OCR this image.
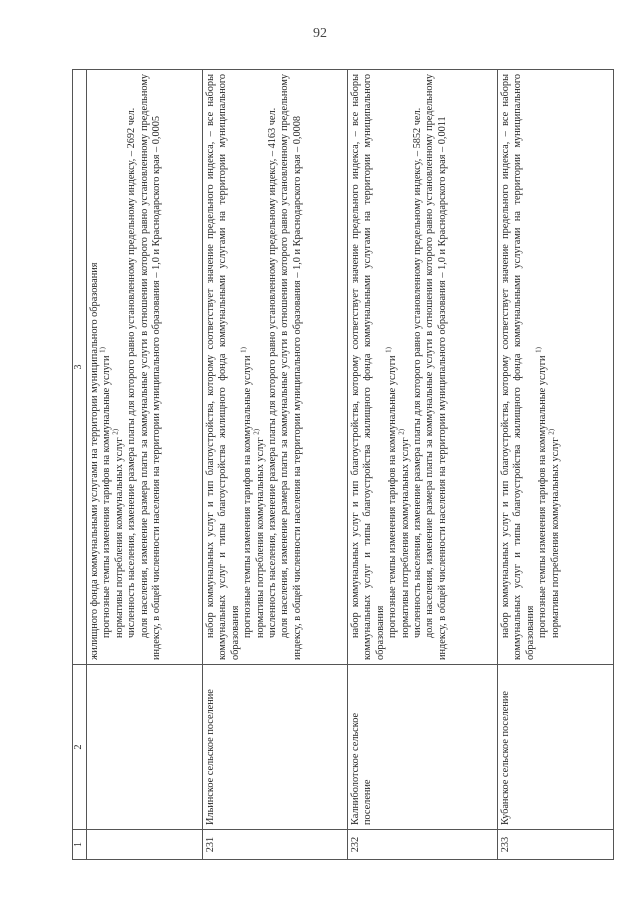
92
1	2	3

		жилищного фонда коммунальными услугами на территории муниципального образования прогнозные темпы изменения тарифов на коммунальные услуги $^{1)}$

нормативы потребления коммунальных услуг $^{2)}$ численность населения, изменение размера платы для которого равно установленному предельному индексу, – 2692 чел. доля населения, изменение размера платы за коммунальные услуги в отношении которого равно установленному предельному индексу, в общей численности населения на территории муниципального образования – 1,0 и Краснодарского края – 0,0005

231	Ильинское сельское поселение	набор коммунальных услуг и тип благоустройства, которому соответствует значение предельного индекса, – все наборы коммунальных услуг и типы благоустройства жилищного фонда коммунальными услугами на территории муниципального образования прогнозные темпы изменения тарифов на коммунальные услуги $^{1)}$

нормативы потребления коммунальных услуг $^{2)}$ численность населения, изменение размера платы для которого равно установленному предельному индексу, – 4163 чел. доля населения, изменение размера платы за коммунальные услуги в отношении которого равно установленному предельному индексу, в общей численности населения на территории муниципального образования – 1,0 и Краснодарского края – 0,0008

232	Калниболотское сельское поселение	набор коммунальных услуг и тип благоустройства, которому соответствует значение предельного индекса, – все наборы коммунальных услуг и типы благоустройства жилищного фонда коммунальными услугами на территории муниципального образования прогнозные темпы изменения тарифов на коммунальные услуги $^{1)}$

нормативы потребления коммунальных услуг $^{2)}$ численность населения, изменение размера платы для которого равно установленному предельному индексу, – 5852 чел. доля населения, изменение размера платы за коммунальные услуги в отношении которого равно установленному предельному индексу, в общей численности населения на территории муниципального образования – 1,0 и Краснодарского края – 0,0011

233	Кубанское сельское поселение	набор коммунальных услуг и тип благоустройства, которому соответствует значение предельного индекса, – все наборы коммунальных услуг и типы благоустройства жилищного фонда коммунальными услугами на территории муниципального образования прогнозные темпы изменения тарифов на коммунальные услуги $^{1)}$

нормативы потребления коммунальных услуг $^{2)}$
